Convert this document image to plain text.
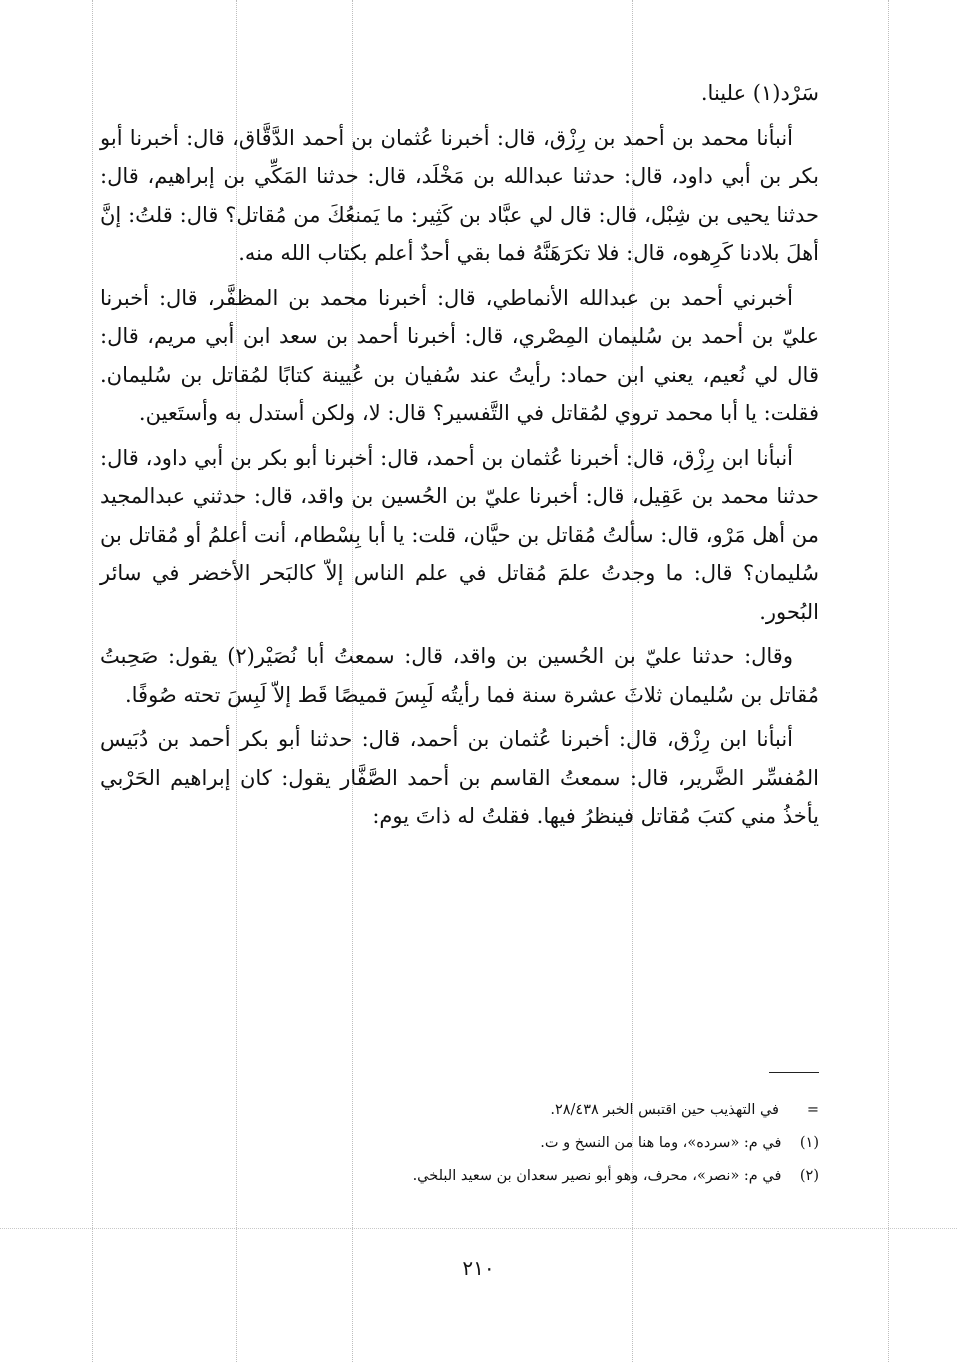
سَرْد(١) علينا.

أنبأنا محمد بن أحمد بن رِزْق، قال: أخبرنا عُثمان بن أحمد الدَّقَّاق، قال: أخبرنا أبو بكر بن أبي داود، قال: حدثنا عبدالله بن مَخْلَد، قال: حدثنا المَكِّي بن إبراهيم، قال: حدثنا يحيى بن شِبْل، قال: قال لي عبَّاد بن كَثِير: ما يَمنعُكَ من مُقاتل؟ قال: قلتُ: إنَّ أهلَ بلادنا كَرِهوه، قال: فلا تكرَهَنَّهُ فما بقي أحدٌ أعلم بكتاب الله منه.

أخبرني أحمد بن عبدالله الأنماطي، قال: أخبرنا محمد بن المظفَّر، قال: أخبرنا عليّ بن أحمد بن سُليمان المِصْري، قال: أخبرنا أحمد بن سعد ابن أبي مريم، قال: قال لي نُعيم، يعني ابن حماد: رأيتُ عند سُفيان بن عُيينة كتابًا لمُقاتل بن سُليمان. فقلت: يا أبا محمد تروي لمُقاتل في التَّفسير؟ قال: لا، ولكن أستدل به وأستَعين.

أنبأنا ابن رِزْق، قال: أخبرنا عُثمان بن أحمد، قال: أخبرنا أبو بكر بن أبي داود، قال: حدثنا محمد بن عَقِيل، قال: أخبرنا عليّ بن الحُسين بن واقد، قال: حدثني عبدالمجيد من أهل مَرْو، قال: سألتُ مُقاتل بن حيَّان، قلت: يا أبا بِسْطام، أنت أعلمُ أو مُقاتل بن سُليمان؟ قال: ما وجدتُ علمَ مُقاتل في علم الناس إلاّ كالبَحر الأخضر في سائر البُحور.

وقال: حدثنا عليّ بن الحُسين بن واقد، قال: سمعتُ أبا نُصَيْر(٢) يقول: صَحِبتُ مُقاتل بن سُليمان ثلاثَ عشرة سنة فما رأيتُه لَبِسَ قميصًا قَط إلاّ لَبِسَ تحته صُوفًا.

أنبأنا ابن رِزْق، قال: أخبرنا عُثمان بن أحمد، قال: حدثنا أبو بكر أحمد بن دُبَيس المُفسِّر الضَّرير، قال: سمعتُ القاسم بن أحمد الصَّفَّار يقول: كان إبراهيم الحَرْبي يأخذُ مني كتبَ مُقاتل فينظرُ فيها. فقلتُ له ذاتَ يوم:

=
في التهذيب حين اقتبس الخبر ٢٨/٤٣٨.
(١)    في م: «سرده»، وما هنا من النسخ و ت.
(٢)    في م: «نصر»، محرف، وهو أبو نصير سعدان بن سعيد البلخي.
٢١٠
